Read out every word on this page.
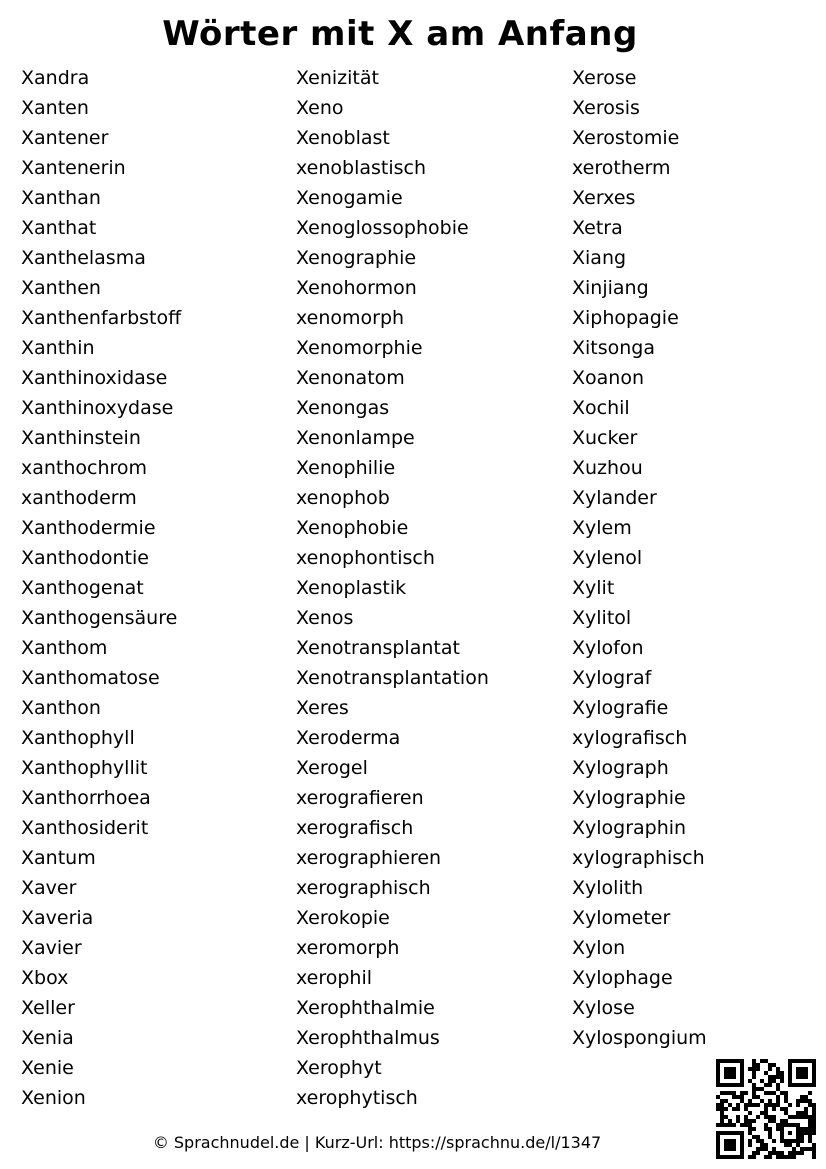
Wörter mit X am Anfang
Xandra
Xanten
Xantener
Xantenerin
Xanthan
Xanthat
Xanthelasma
Xanthen
Xanthenfarbstoff
Xanthin
Xanthinoxidase
Xanthinoxydase
Xanthinstein
xanthochrom
xanthoderm
Xanthodermie
Xanthodontie
Xanthogenat
Xanthogensäure
Xanthom
Xanthomatose
Xanthon
Xanthophyll
Xanthophyllit
Xanthorrhoea
Xanthosiderit
Xantum
Xaver
Xaveria
Xavier
Xbox
Xeller
Xenia
Xenie
Xenion
Xenizität
Xeno
Xenoblast
xenoblastisch
Xenogamie
Xenoglossophobie
Xenographie
Xenohormon
xenomorph
Xenomorphie
Xenonatom
Xenongas
Xenonlampe
Xenophilie
xenophob
Xenophobie
xenophontisch
Xenoplastik
Xenos
Xenotransplantat
Xenotransplantation
Xeres
Xeroderma
Xerogel
xerografieren
xerografisch
xerographieren
xerographisch
Xerokopie
xeromorph
xerophil
Xerophthalmie
Xerophthalmus
Xerophyt
xerophytisch
Xerose
Xerosis
Xerostomie
xerotherm
Xerxes
Xetra
Xiang
Xinjiang
Xiphopagie
Xitsonga
Xoanon
Xochil
Xucker
Xuzhou
Xylander
Xylem
Xylenol
Xylit
Xylitol
Xylofon
Xylograf
Xylografie
xylografisch
Xylograph
Xylographie
Xylographin
xylographisch
Xylolith
Xylometer
Xylon
Xylophage
Xylose
Xylospongium
© Sprachnudel.de | Kurz-Url: https://sprachnu.de/l/1347
